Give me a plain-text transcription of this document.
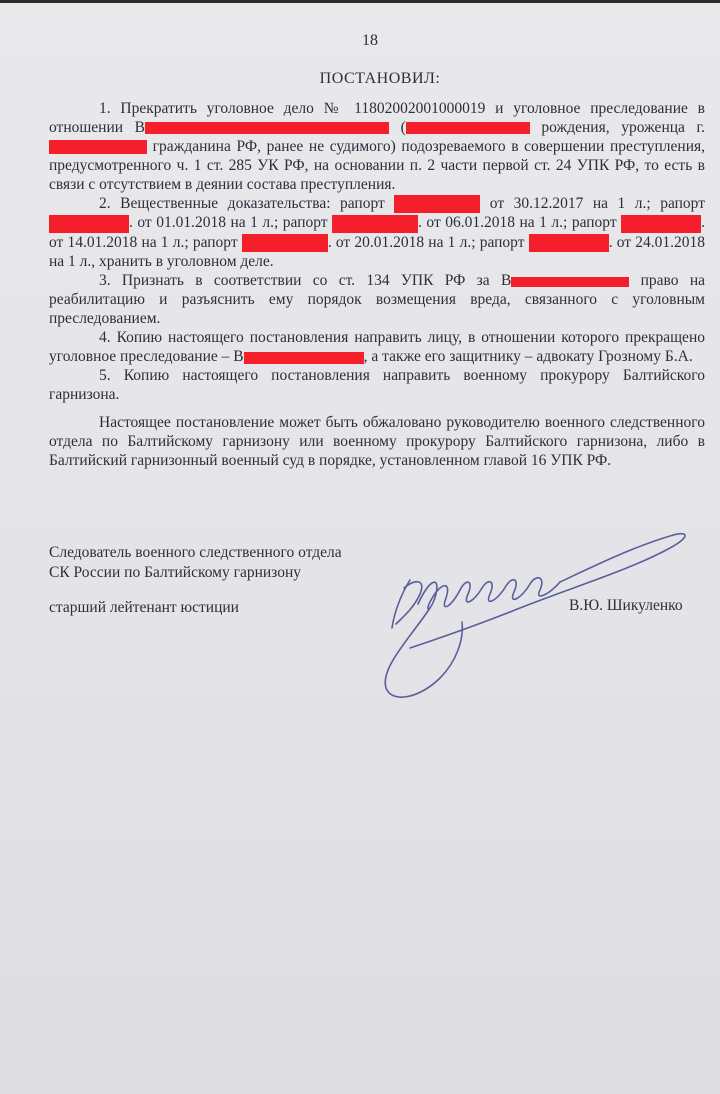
18
ПОСТАНОВИЛ:

1. Прекратить уголовное дело № 11802002001000019 и уголовное преследование в отношении В	(	рождения, уроженца г.  гражданина РФ, ранее не судимого) подозреваемого в совершении преступления, предусмотренного ч. 1 ст. 285 УК РФ, на основании п. 2 части первой ст. 24 УПК РФ, то есть в связи с отсутствием в деянии состава преступления.

2. Вещественные доказательства: рапорт	от 30.12.2017 на 1 л.; рапорт . от 01.01.2018 на 1 л.; рапорт	. от 06.01.2018 на 1 л.; рапорт	. от 14.01.2018 на 1 л.; рапорт	. от 20.01.2018 на 1 л.; рапорт	. от 24.01.2018 на 1 л., хранить в уголовном деле.

3. Признать в соответствии со ст. 134 УПК РФ за В	право на реабилитацию и разъяснить ему порядок возмещения вреда, связанного с уголовным преследованием.

4. Копию настоящего постановления направить лицу, в отношении которого прекращено уголовное преследование – В	, а также его защитнику – адвокату Грозному Б.А.

5. Копию настоящего постановления направить военному прокурору Балтийского гарнизона.

Настоящее постановление может быть обжаловано руководителю военного следственного отдела по Балтийскому гарнизону или военному прокурору Балтийского гарнизона, либо в Балтийский гарнизонный военный суд в порядке, установленном главой 16 УПК РФ.

Следователь военного следственного отдела
СК России по Балтийскому гарнизону
старший лейтенант юстиции	В.Ю. Шикуленко
